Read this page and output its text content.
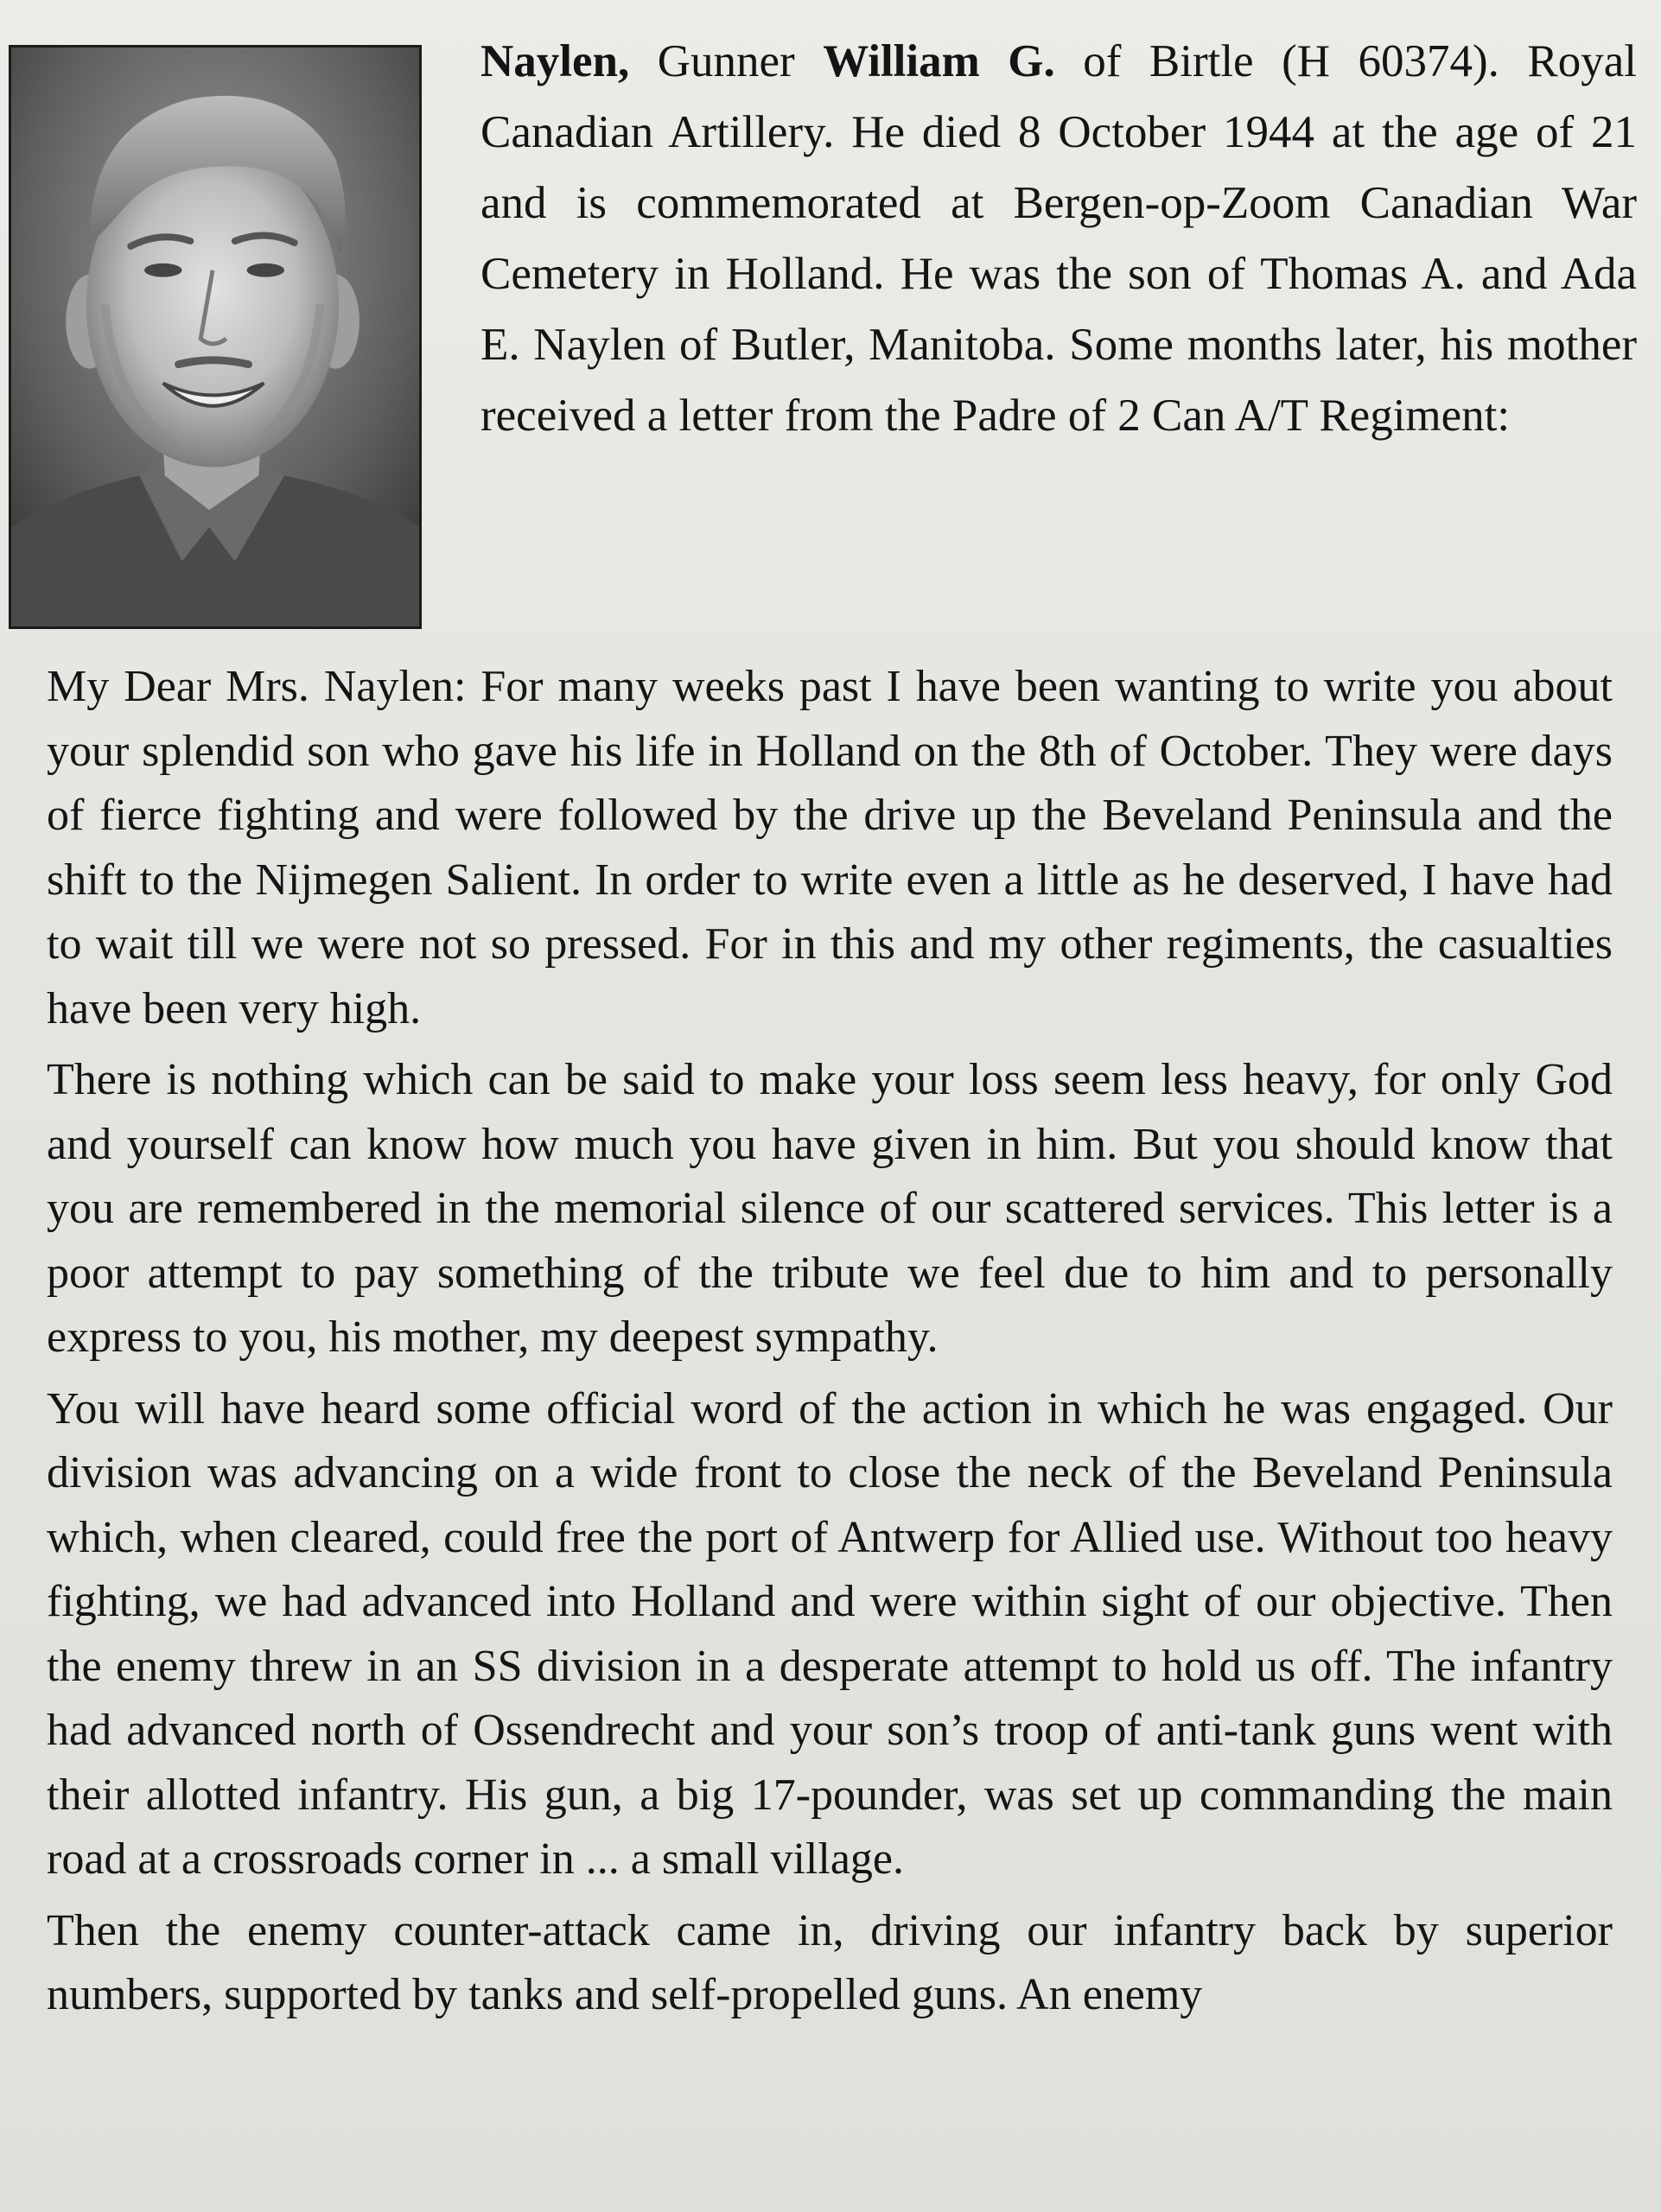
Naylen, Gunner William G. of Birtle (H 60374). Royal Canadian Artillery. He died 8 October 1944 at the age of 21 and is commemorated at Bergen-op-Zoom Canadian War Cemetery in Holland. He was the son of Thomas A. and Ada E. Naylen of Butler, Manitoba. Some months later, his mother received a letter from the Padre of 2 Can A/T Regiment:

My Dear Mrs. Naylen: For many weeks past I have been wanting to write you about your splendid son who gave his life in Holland on the 8th of October. They were days of fierce fighting and were followed by the drive up the Beveland Peninsula and the shift to the Nijmegen Salient. In order to write even a little as he deserved, I have had to wait till we were not so pressed. For in this and my other regiments, the casualties have been very high.

There is nothing which can be said to make your loss seem less heavy, for only God and yourself can know how much you have given in him. But you should know that you are remembered in the memorial silence of our scattered services. This letter is a poor attempt to pay something of the tribute we feel due to him and to personally express to you, his mother, my deepest sympathy.

You will have heard some official word of the action in which he was engaged. Our division was advancing on a wide front to close the neck of the Beveland Peninsula which, when cleared, could free the port of Antwerp for Allied use. Without too heavy fighting, we had advanced into Holland and were within sight of our objective. Then the enemy threw in an SS division in a desperate attempt to hold us off. The infantry had advanced north of Ossendrecht and your son’s troop of anti-tank guns went with their allotted infantry. His gun, a big 17-pounder, was set up commanding the main road at a crossroads corner in ... a small village.

Then the enemy counter-attack came in, driving our infantry back by superior numbers, supported by tanks and self-propelled guns. An enemy
